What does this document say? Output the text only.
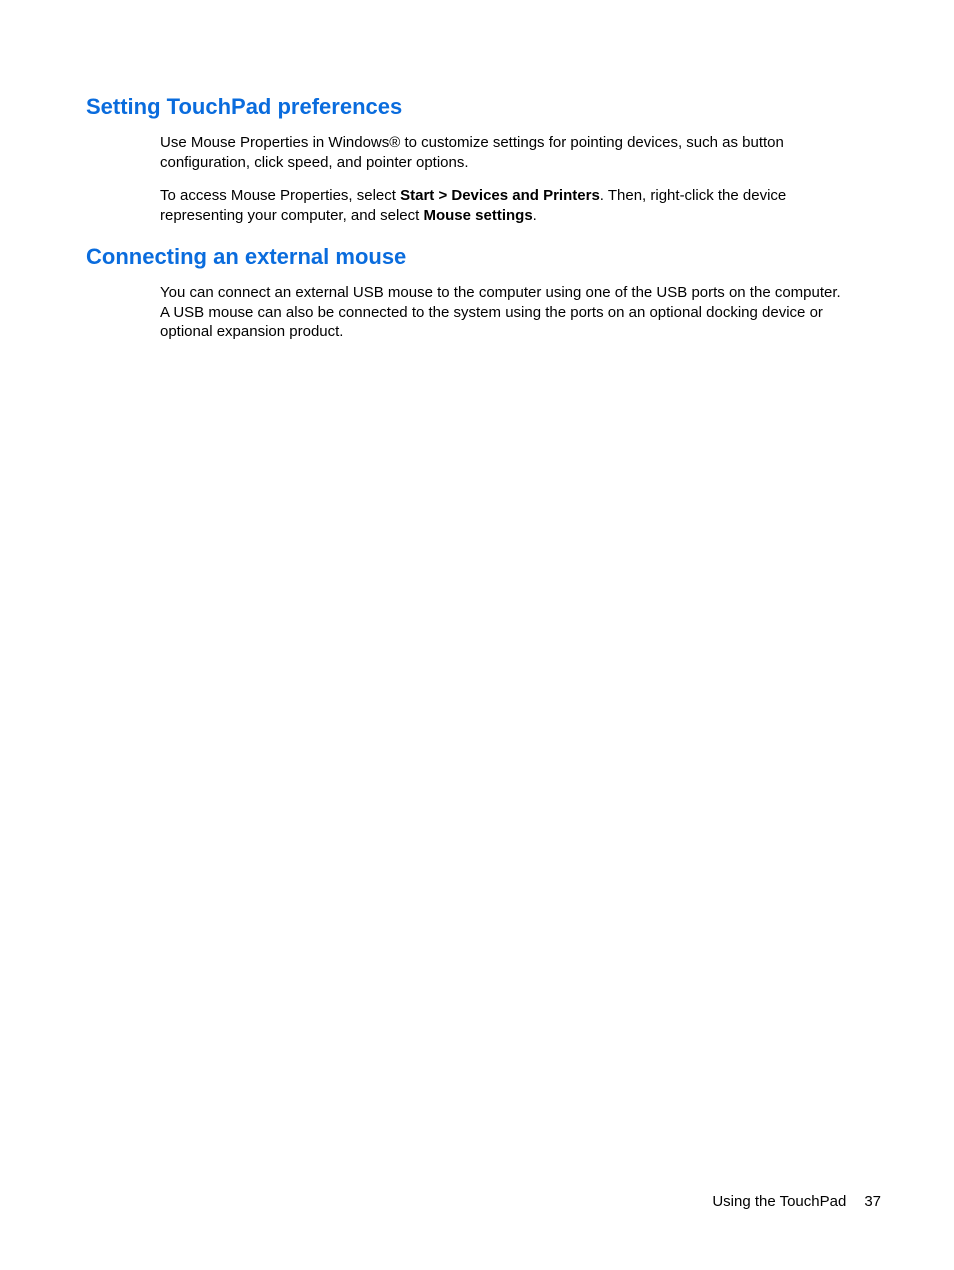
Setting TouchPad preferences

Use Mouse Properties in Windows® to customize settings for pointing devices, such as button
configuration, click speed, and pointer options.

To access Mouse Properties, select Start > Devices and Printers. Then, right-click the device
representing your computer, and select Mouse settings.

Connecting an external mouse

You can connect an external USB mouse to the computer using one of the USB ports on the computer.
A USB mouse can also be connected to the system using the ports on an optional docking device or
optional expansion product.

Using the TouchPad 37
